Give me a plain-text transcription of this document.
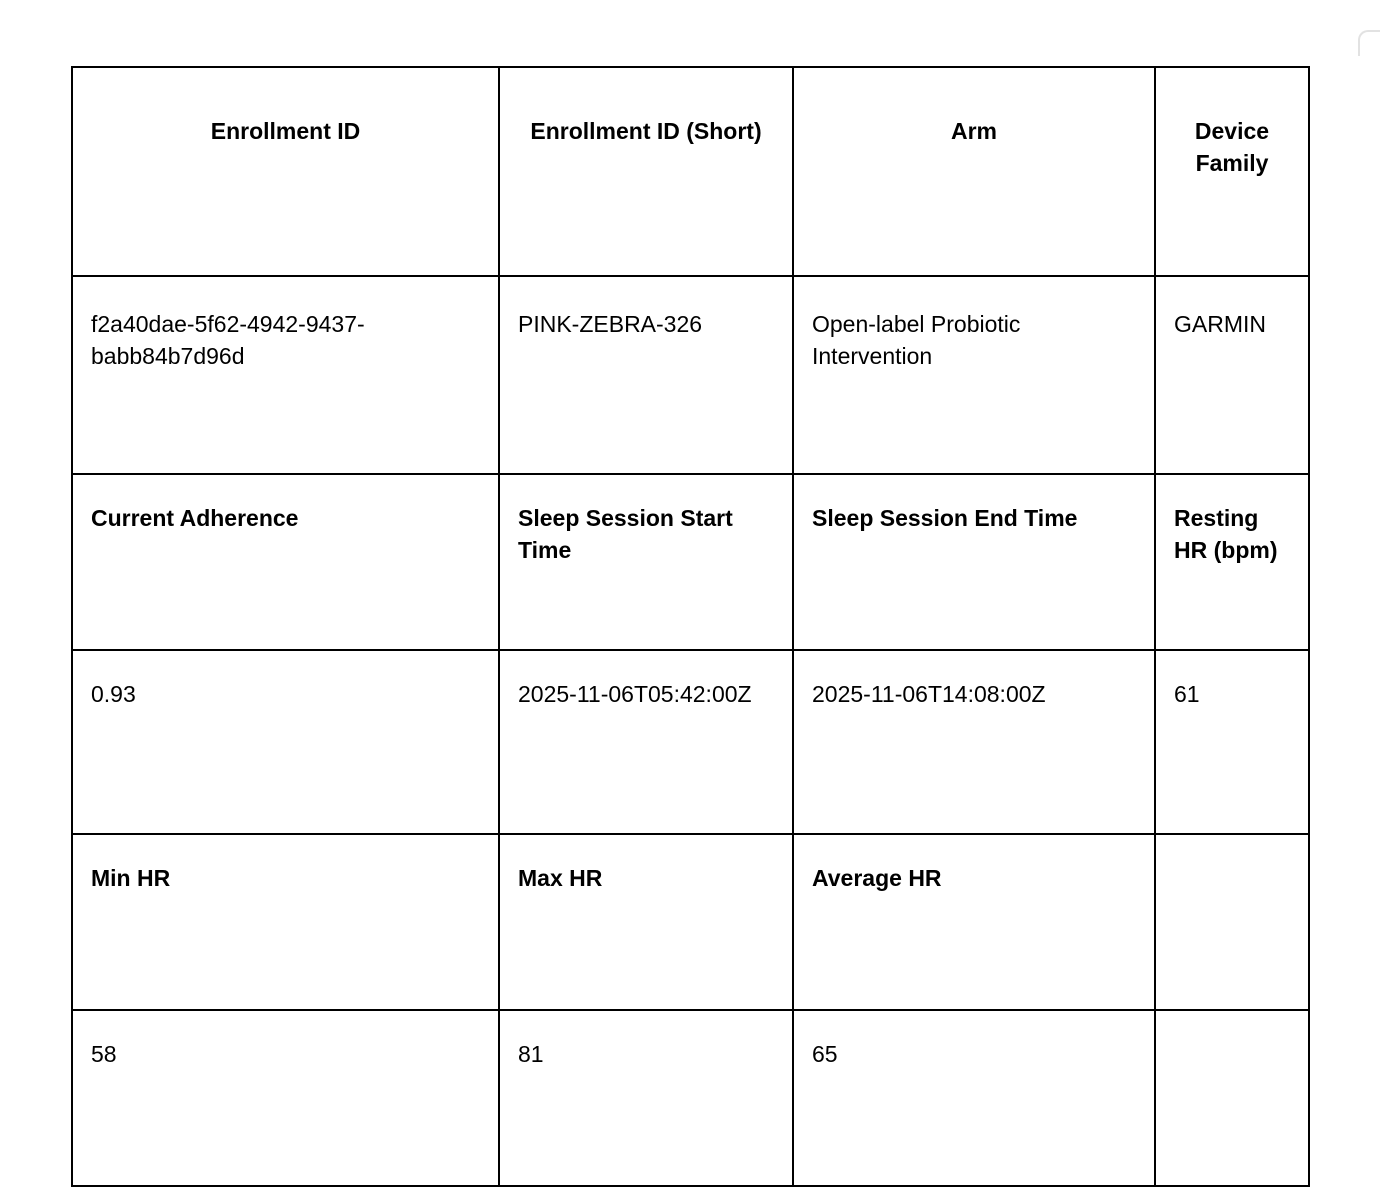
Enrollment ID	Enrollment ID (Short)	Arm	Device Family
f2a40dae-5f62-4942-9437-babb84b7d96d	PINK-ZEBRA-326	Open-label Probiotic Intervention	GARMIN
Current Adherence	Sleep Session Start Time	Sleep Session End Time	Resting HR (bpm)
0.93	2025-11-06T05:42:00Z	2025-11-06T14:08:00Z	61
Min HR	Max HR	Average HR	
58	81	65	
